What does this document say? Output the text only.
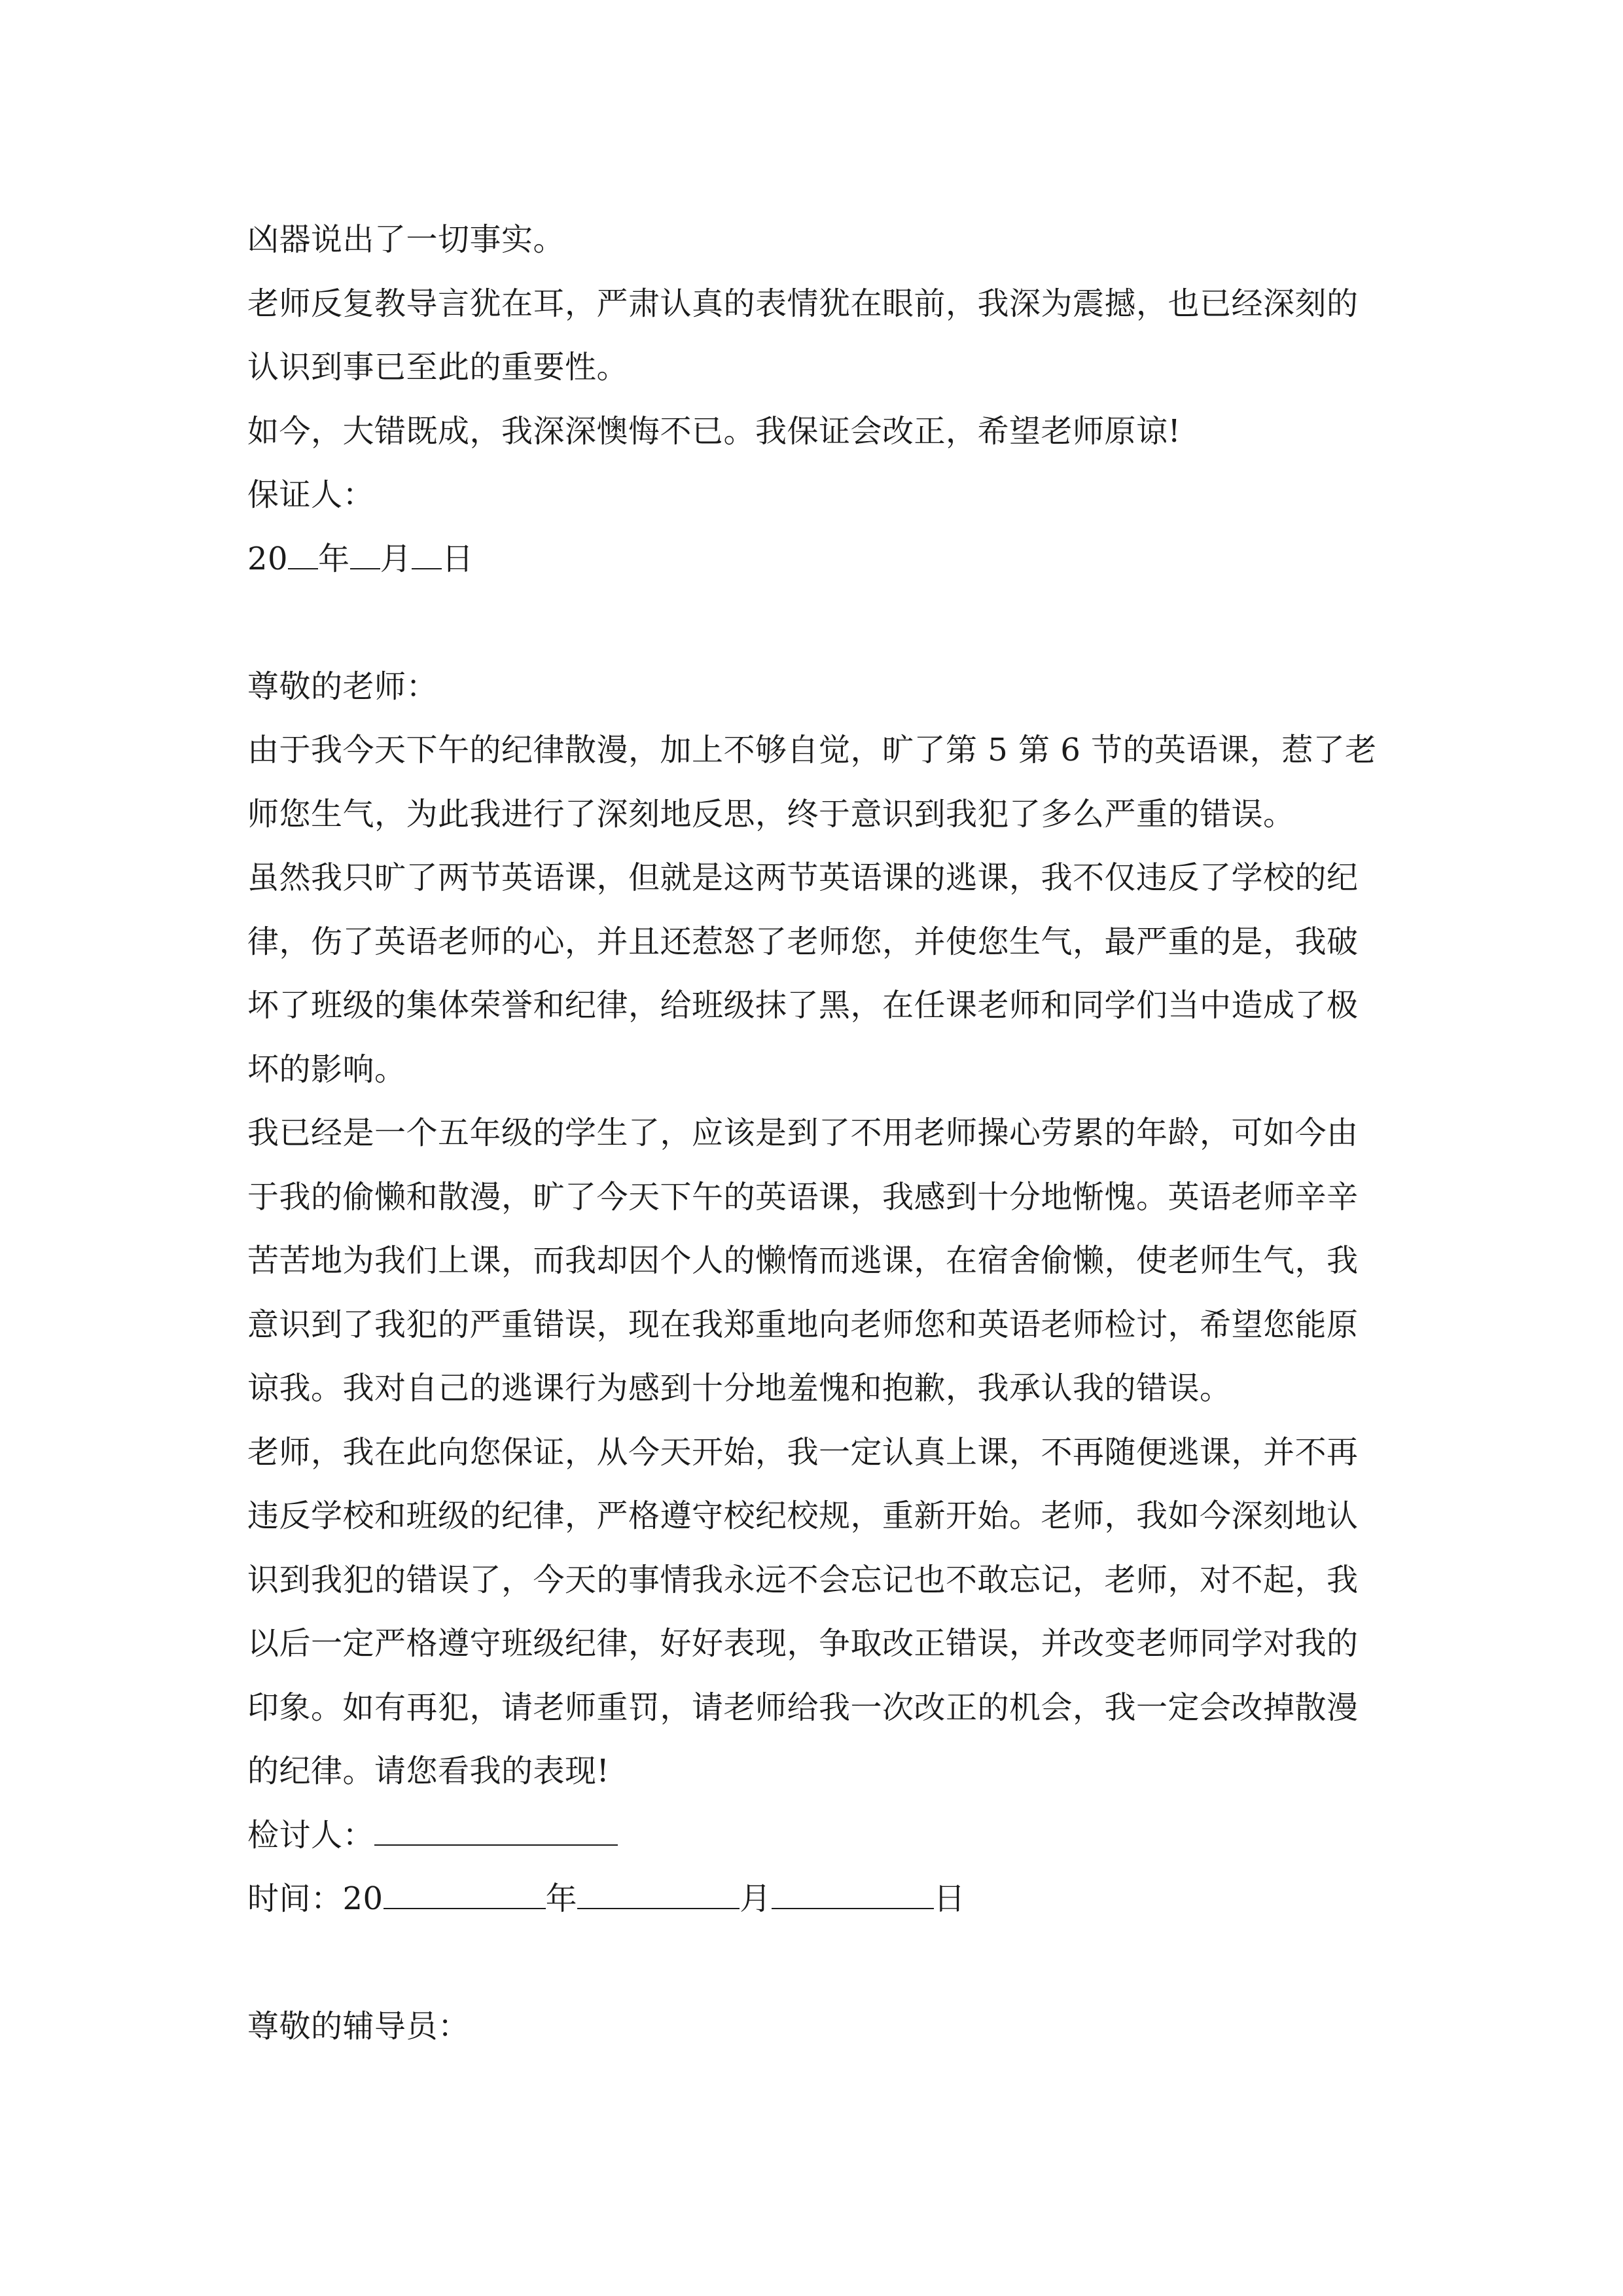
凶器说出了一切事实。
老师反复教导言犹在耳，严肃认真的表情犹在眼前，我深为震撼，也已经深刻的
认识到事已至此的重要性。
如今，大错既成，我深深懊悔不已。我保证会改正，希望老师原谅!
保证人：
20 年 月 日
尊敬的老师：
由于我今天下午的纪律散漫，加上不够自觉，旷了第 5 第 6 节的英语课，惹了老
师您生气，为此我进行了深刻地反思，终于意识到我犯了多么严重的错误。
虽然我只旷了两节英语课，但就是这两节英语课的逃课，我不仅违反了学校的纪
律，伤了英语老师的心，并且还惹怒了老师您，并使您生气，最严重的是，我破
坏了班级的集体荣誉和纪律，给班级抹了黑，在任课老师和同学们当中造成了极
坏的影响。
我已经是一个五年级的学生了，应该是到了不用老师操心劳累的年龄，可如今由
于我的偷懒和散漫，旷了今天下午的英语课，我感到十分地惭愧。英语老师辛辛
苦苦地为我们上课，而我却因个人的懒惰而逃课，在宿舍偷懒，使老师生气，我
意识到了我犯的严重错误，现在我郑重地向老师您和英语老师检讨，希望您能原
谅我。我对自己的逃课行为感到十分地羞愧和抱歉，我承认我的错误。
老师，我在此向您保证，从今天开始，我一定认真上课，不再随便逃课，并不再
违反学校和班级的纪律，严格遵守校纪校规，重新开始。老师，我如今深刻地认
识到我犯的错误了，今天的事情我永远不会忘记也不敢忘记，老师，对不起，我
以后一定严格遵守班级纪律，好好表现，争取改正错误，并改变老师同学对我的
印象。如有再犯，请老师重罚，请老师给我一次改正的机会，我一定会改掉散漫
的纪律。请您看我的表现!
检讨人：
时间：20	年	月	日
尊敬的辅导员：
